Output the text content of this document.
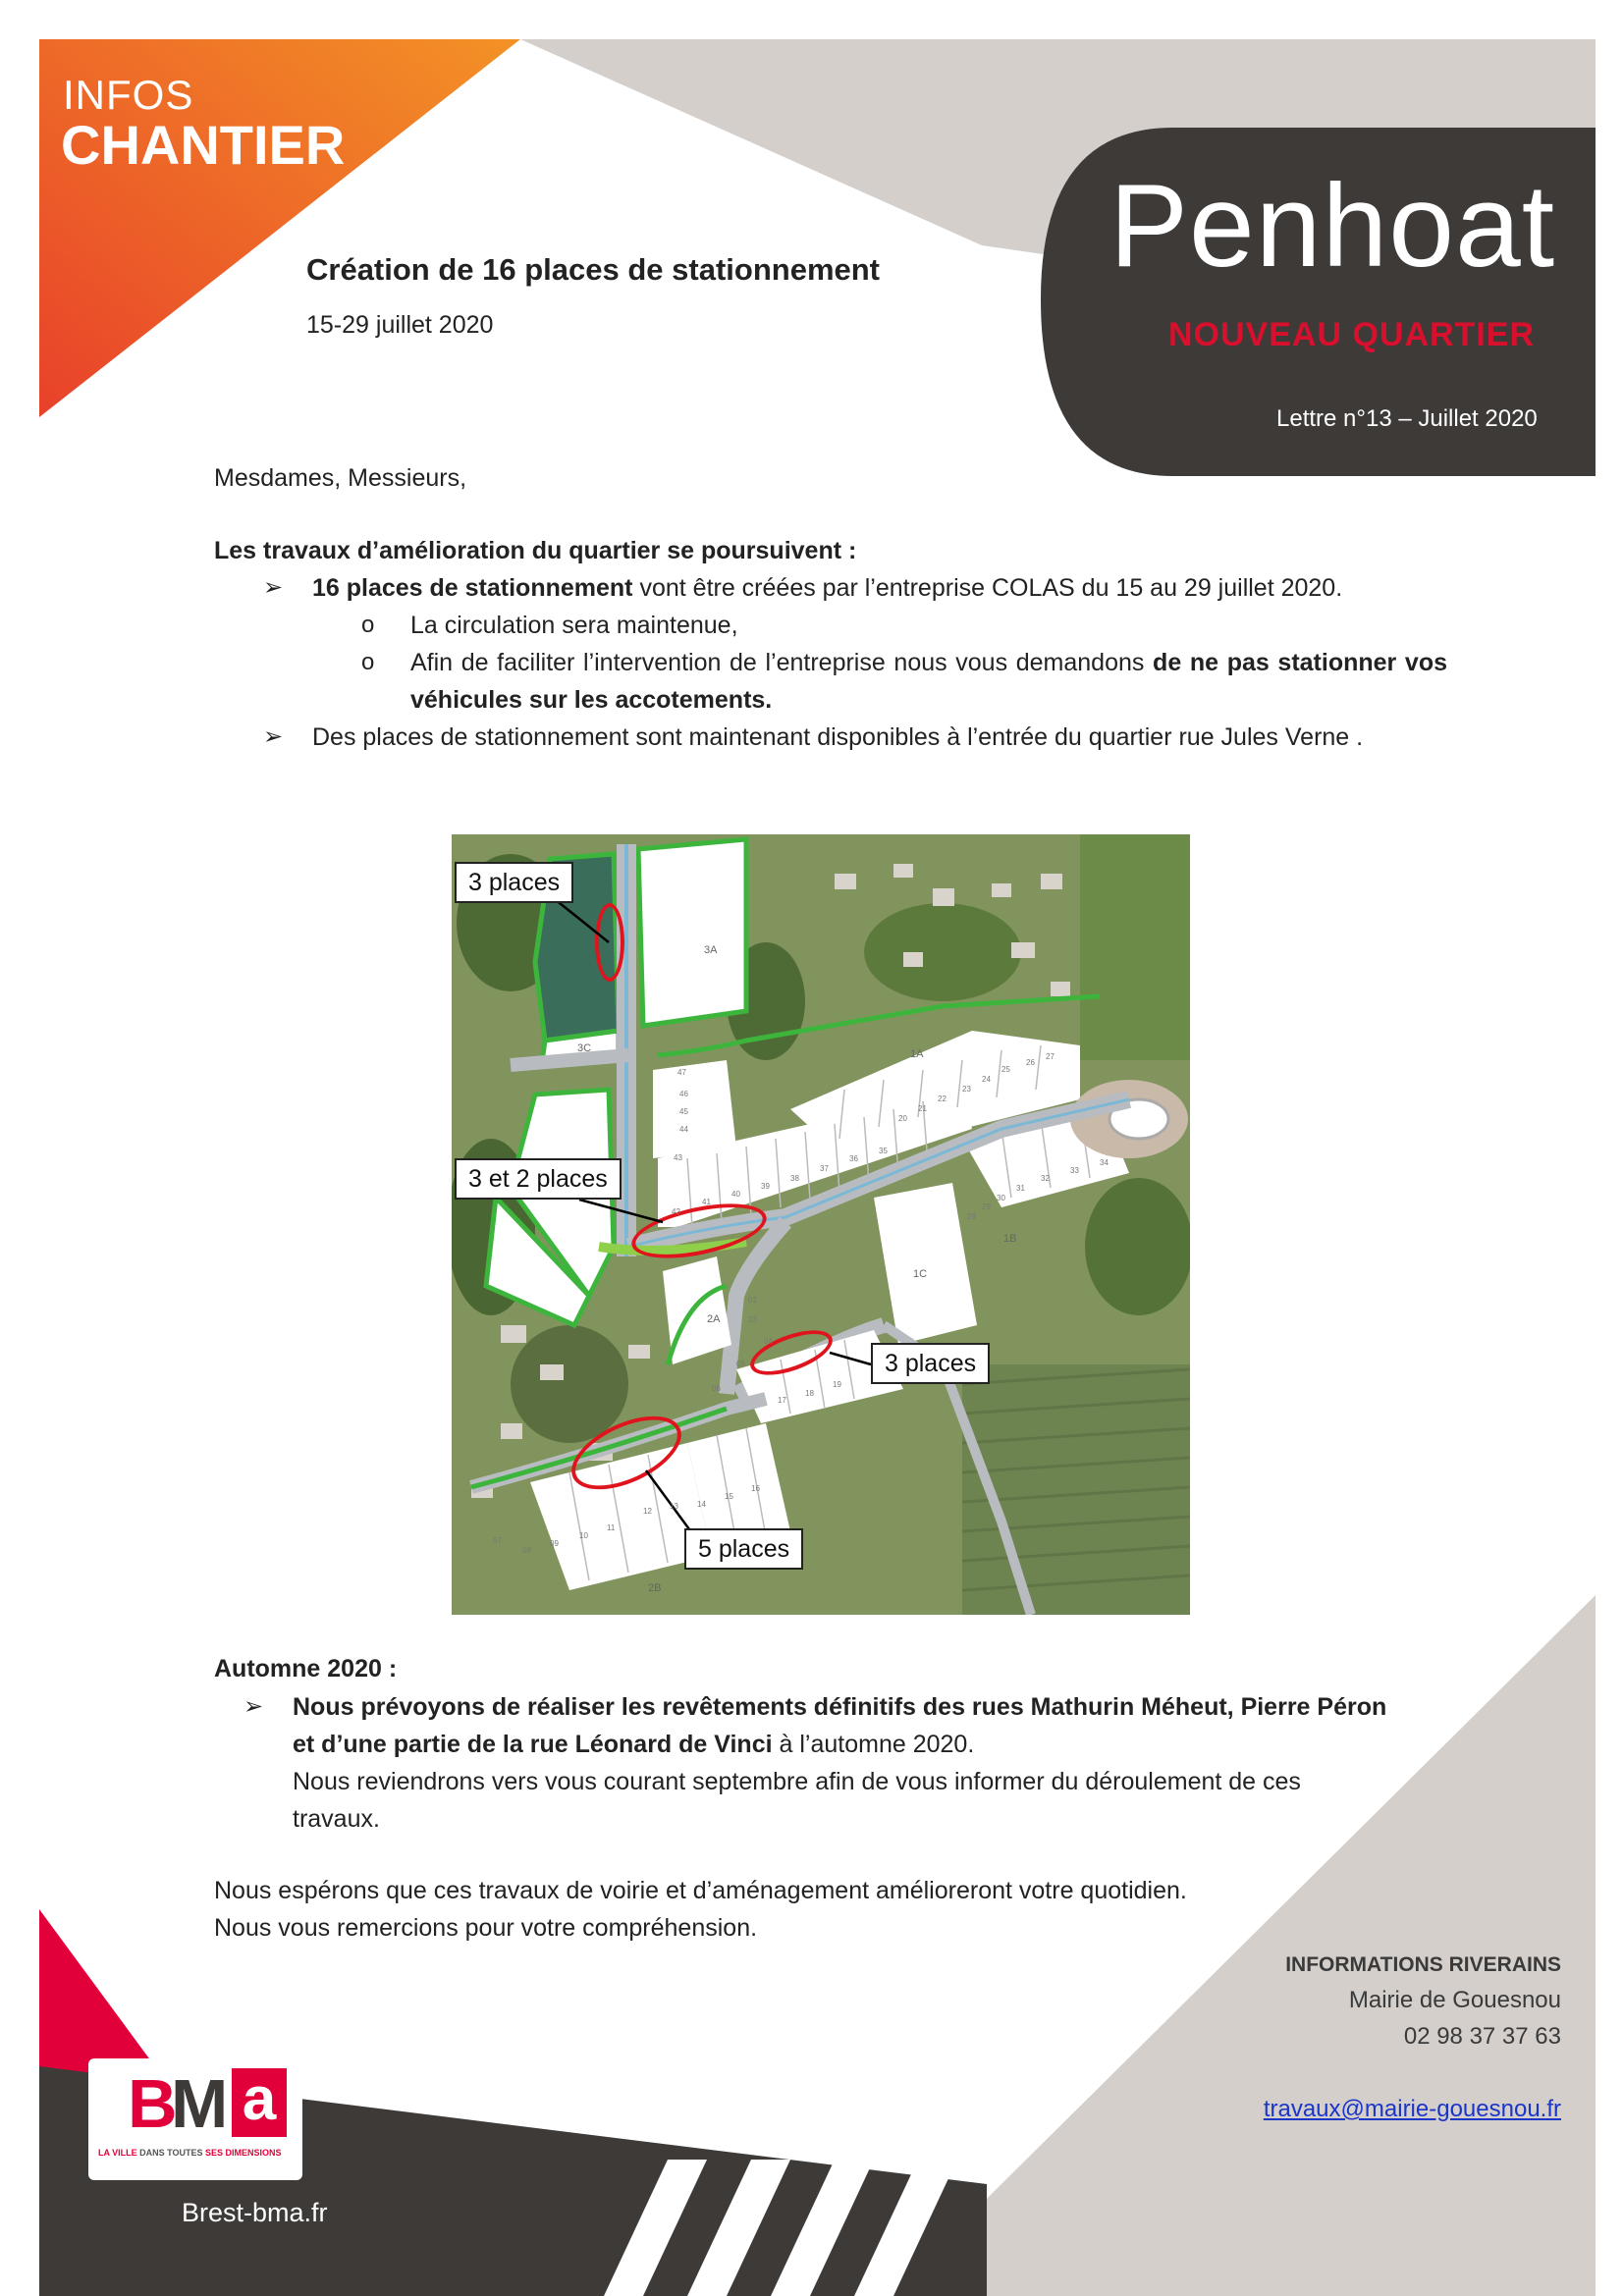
INFOS
CHANTIER
Penhoat
NOUVEAU QUARTIER
Lettre n°13 – Juillet 2020
Création de 16 places de stationnement
15-29 juillet 2020
Mesdames, Messieurs,
Les travaux d’amélioration du quartier se poursuivent :
➢ 16 places de stationnement vont être créées par l’entreprise COLAS du 15 au 29 juillet 2020.
o La circulation sera maintenue,
o Afin de faciliter l’intervention de l’entreprise nous vous demandons de ne pas stationner vos véhicules sur les accotements.
➢ Des places de stationnement sont maintenant disponibles à l’entrée du quartier rue Jules Verne .
3 places
3 et 2 places
3 places
5 places
3A
3C	1A
1B
1C
2A
2B
47
46
45
44
43
42
41
40
39
38
37
36
35
34
33
32
31
30
29
28
27
26
25
24
23
22
21
20
02
03
04
05
06
07
08
09
10
11
12
13 14
15
16
17
18
19
Automne 2020 :
➢ Nous prévoyons de réaliser les revêtements définitifs des rues Mathurin Méheut, Pierre Péron et d’une partie de la rue Léonard de Vinci à l’automne 2020.
Nous reviendrons vers vous courant septembre afin de vous informer du déroulement de ces travaux.
Nous espérons que ces travaux de voirie et d’aménagement amélioreront votre quotidien. Nous vous remercions pour votre compréhension.
INFORMATIONS RIVERAINS
Mairie de Gouesnou
02 98 37 37 63
travaux@mairie-gouesnou.fr
B
M a
LA VILLE DANS TOUTES SES DIMENSIONS
Brest-bma.fr
